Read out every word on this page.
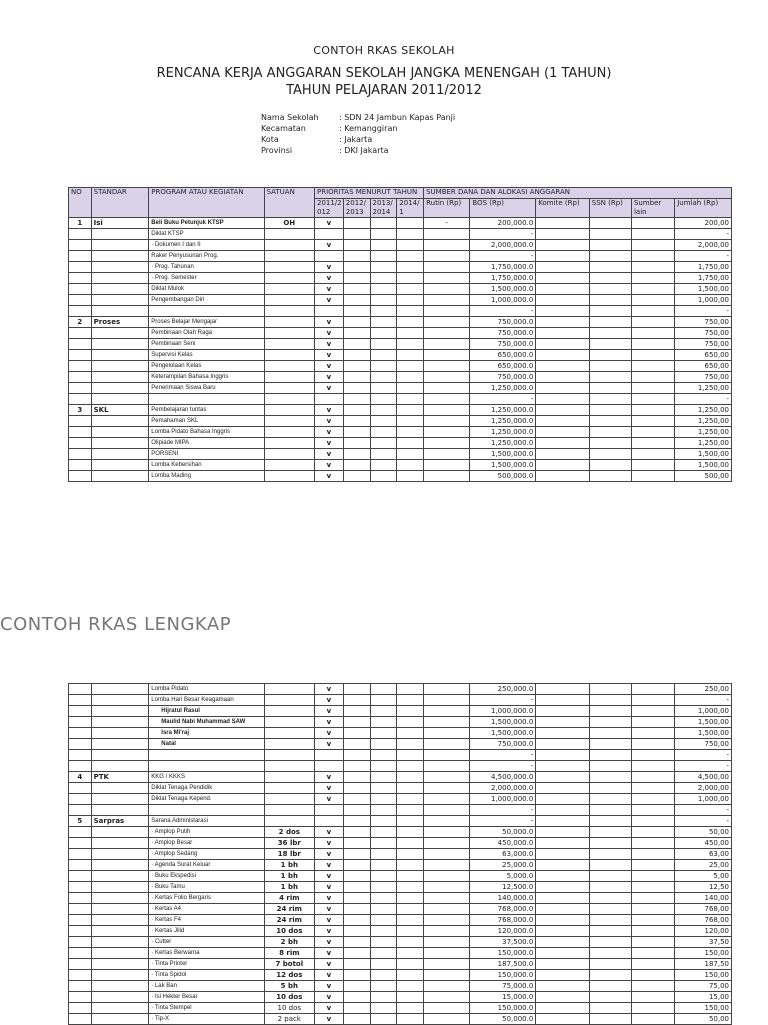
CONTOH RKAS SEKOLAH
RENCANA KERJA ANGGARAN SEKOLAH JANGKA MENENGAH (1 TAHUN)
TAHUN PELAJARAN 2011/2012
Nama Sekolah	: SDN 24 Jambun Kapas Panji
Kecamatan	: Kemanggiran
Kota	: Jakarta
Provinsi	: DKI Jakarta
NO	STANDAR	PROGRAM ATAU KEGIATAN	SATUAN	PRIORITAS MENURUT TAHUN				SUMBER DANA DAN ALOKASI ANGGARAN					
				2011/2 012	2012/ 2013	2013/ 2014	2014/ 1	Rutin (Rp)	BOS (Rp)	Komite (Rp)	SSN (Rp)	Sumber lain	Jumlah (Rp)
1	Isi	Beli Buku Petunjuk KTSP	OH	v				-	200,000.0				200,00
		Diklat KTSP							-				-
		· Dokumen I dan II		v					2,000,000.0				2,000,00
		Raker Penyusunan Prog.							-				-
		· Prog. Tahunan		v					1,750,000.0				1,750,00
		· Prog. Semester		v					1,750,000.0				1,750,00
		Diklat Mulok		v					1,500,000.0				1,500,00
		Pengembangan Diri		v					1,000,000.0				1,000,00
									-				-
2	Proses	Proses Belajar Mengajar		v					750,000.0				750,00
		Pembinaan Olah Raga		v					750,000.0				750,00
		Pembinaan Seni		v					750,000.0				750,00
		Supervisi Kelas		v					650,000.0				650,00
		Pengelolaan Kelas		v					650,000.0				650,00
		Keterampilan Bahasa Inggris		v					750,000.0				750,00
		Penerimaan Siswa Baru		v					1,250,000.0				1,250,00
									-				-
3	SKL	Pembelajaran tuntas		v					1,250,000.0				1,250,00
		Pemahaman SKL		v					1,250,000.0				1,250,00
		Lomba Pidato Bahasa Inggris		v					1,250,000.0				1,250,00
		Olipiade MIPA		v					1,250,000.0				1,250,00
		PORSENI		v					1,500,000.0				1,500,00
		Lomba Kebersihan		v					1,500,000.0				1,500,00
		Lomba Mading		v					500,000.0				500,00
CONTOH RKAS LENGKAP
		Lomba Pidato		v					250,000.0				250,00
		Lomba Hari Besar Keagamaan		v					-				-
		Hijratul Rasul		v					1,000,000.0				1,000,00
		Maulid Nabi Muhammad SAW		v					1,500,000.0				1,500,00
		Isra Mi'raj		v					1,500,000.0				1,500,00
		Natal		v					750,000.0				750,00
									-				-
									-				-
4	PTK	KKG / KKKS		v					4,500,000.0				4,500,00
		Diklat Tenaga Pendidik		v					2,000,000.0				2,000,00
		Diklat Tenaga Kepend.		v					1,000,000.0				1,000,00
									-				-
5	Sarpras	Sarana Administarasi							-				-
		· Amplop Putih	2 dos	v					50,000.0				50,00
		· Amplop Besar	36 lbr	v					450,000.0				450,00
		· Amplop Sedang	18 lbr	v					63,000.0				63,00
		· Agenda Surat Keluar	1 bh	v					25,000.0				25,00
		· Buku Ekspedisi	1 bh	v					5,000.0				5,00
		· Buku Tamu	1 bh	v					12,500.0				12,50
		· Kertas Folio Bergaris	4 rim	v					140,000.0				140,00
		· Kertas A4	24 rim	v					768,000.0				768,00
		· Kertas F4	24 rim	v					768,000.0				768,00
		· Kertas Jilid	10 dos	v					120,000.0				120,00
		· Cutter	2 bh	v					37,500.0				37,50
		· Kertas Berwarna	8 rim	v					150,000.0				150,00
		· Tinta Printer	7 botol	v					187,500.0				187,50
		· Tinta Spidol	12 dos	v					150,000.0				150,00
		· Lak Ban	5 bh	v					75,000.0				75,00
		· Isi Hekter Besar	10 dos	v					15,000.0				15,00
		· Tinta Stempel	10 dos	v					150,000.0				150,00
		· Tip-X	2 pack	v					50,000.0				50,00
